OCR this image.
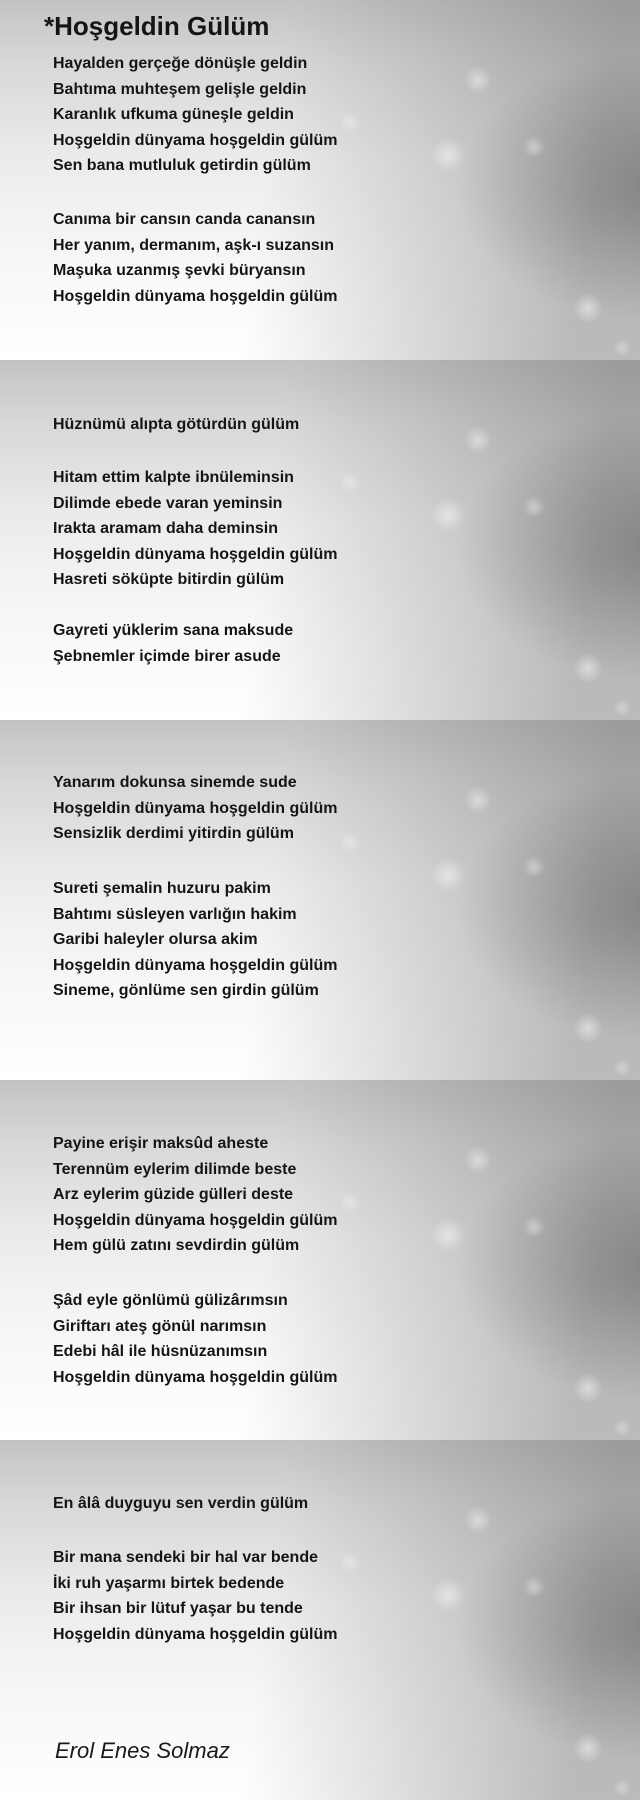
*Hoşgeldin Gülüm
Hayalden gerçeğe dönüşle geldin
Bahtıma muhteşem gelişle geldin
Karanlık ufkuma güneşle geldin
Hoşgeldin dünyama hoşgeldin gülüm
Sen bana mutluluk getirdin gülüm
Canıma bir cansın canda canansın
Her yanım, dermanım, aşk-ı suzansın
Maşuka uzanmış şevki büryansın
Hoşgeldin dünyama hoşgeldin gülüm
Hüznümü alıpta götürdün gülüm
Hitam ettim kalpte ibnüleminsin
Dilimde ebede varan yeminsin
Irakta aramam daha deminsin
Hoşgeldin dünyama hoşgeldin gülüm
Hasreti söküpte bitirdin gülüm
Gayreti yüklerim sana maksude
Şebnemler içimde birer asude
Yanarım dokunsa sinemde sude
Hoşgeldin dünyama hoşgeldin gülüm
Sensizlik derdimi yitirdin gülüm
Sureti şemalin huzuru pakim
Bahtımı süsleyen varlığın hakim
Garibi haleyler olursa akim
Hoşgeldin dünyama hoşgeldin gülüm
Sineme, gönlüme sen girdin gülüm
Payine erişir maksûd aheste
Terennüm eylerim dilimde beste
Arz eylerim güzide gülleri deste
Hoşgeldin dünyama hoşgeldin gülüm
Hem gülü zatını sevdirdin gülüm
Şâd eyle gönlümü gülizârımsın
Giriftarı ateş gönül narımsın
Edebi hâl ile hüsnüzanımsın
Hoşgeldin dünyama hoşgeldin gülüm
En âlâ duyguyu sen verdin gülüm
Bir mana sendeki bir hal var bende
İki ruh yaşarmı birtek bedende
Bir ihsan bir lütuf yaşar bu tende
Hoşgeldin dünyama hoşgeldin gülüm
Erol Enes Solmaz
